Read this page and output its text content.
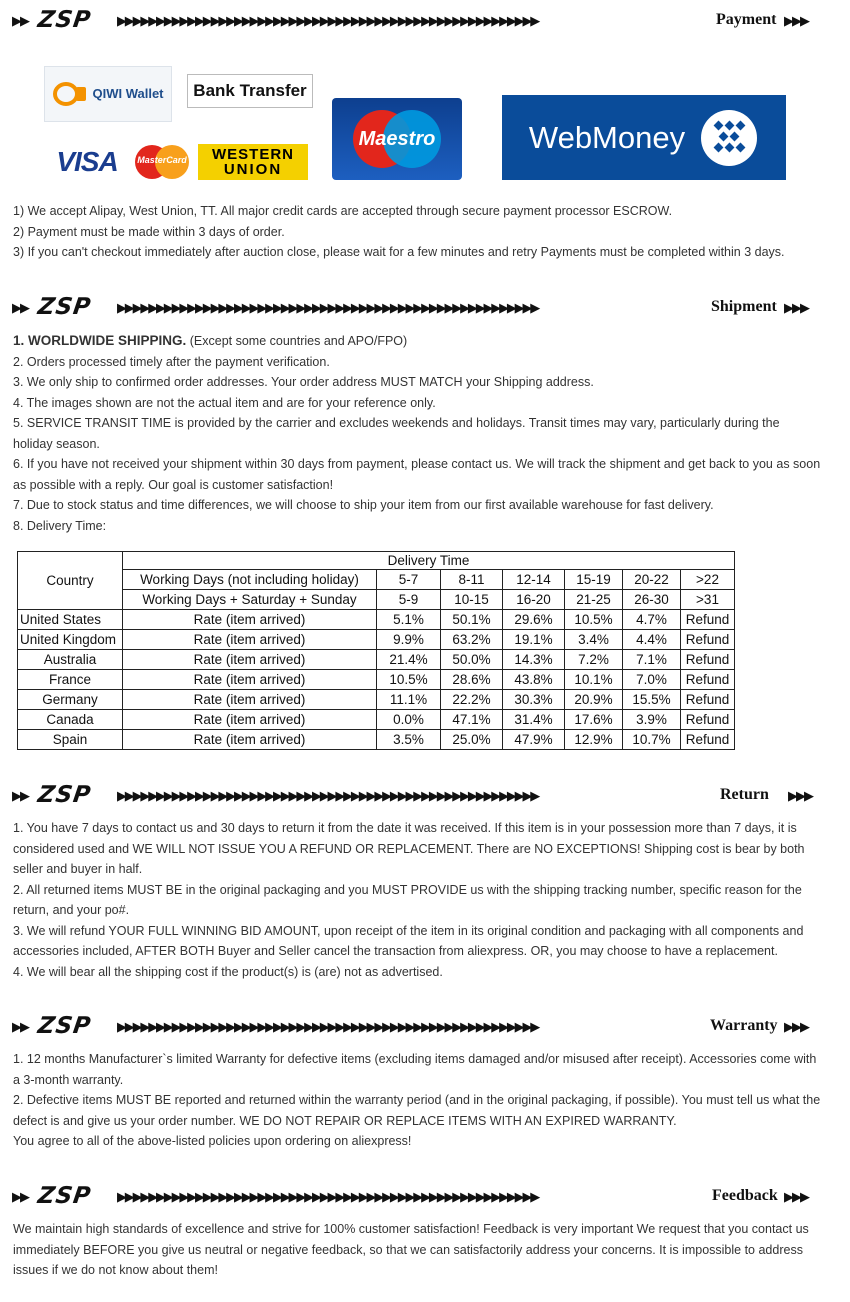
▶▶ ZSP ▶▶▶▶▶▶▶▶▶▶▶▶▶▶▶▶▶▶▶▶▶▶▶▶▶▶▶▶▶▶▶▶▶▶▶▶▶▶▶▶▶▶▶▶▶▶▶▶▶▶▶▶▶▶	Payment ▶▶▶
QIWI Wallet Bank Transfer
VISA	MasterCard	WESTERN
UNION
Maestro	WebMoney

1) We accept Alipay, West Union, TT. All major credit cards are accepted through secure payment processor ESCROW.

2) Payment must be made within 3 days of order.

3) If you can't checkout immediately after auction close, please wait for a few minutes and retry Payments must be completed within 3 days.

▶▶ ZSP ▶▶▶▶▶▶▶▶▶▶▶▶▶▶▶▶▶▶▶▶▶▶▶▶▶▶▶▶▶▶▶▶▶▶▶▶▶▶▶▶▶▶▶▶▶▶▶▶▶▶▶▶▶▶	Shipment ▶▶▶

1. WORLDWIDE SHIPPING. (Except some countries and APO/FPO)

2. Orders processed timely after the payment verification.

3. We only ship to confirmed order addresses. Your order address MUST MATCH your Shipping address.

4. The images shown are not the actual item and are for your reference only.

5. SERVICE TRANSIT TIME is provided by the carrier and excludes weekends and holidays. Transit times may vary, particularly during the holiday season.

6. If you have not received your shipment within 30 days from payment, please contact us. We will track the shipment and get back to you as soon as possible with a reply. Our goal is customer satisfaction!

7. Due to stock status and time differences, we will choose to ship your item from our first available warehouse for fast delivery.

8. Delivery Time:

Country	Delivery Time						
	Working Days (not including holiday)	5-7	8-11	12-14	15-19	20-22	>22
	Working Days + Saturday + Sunday	5-9	10-15	16-20	21-25	26-30	>31
United States	Rate (item arrived)	5.1%	50.1%	29.6%	10.5%	4.7%	Refund
United Kingdom	Rate (item arrived)	9.9%	63.2%	19.1%	3.4%	4.4%	Refund
Australia	Rate (item arrived)	21.4%	50.0%	14.3%	7.2%	7.1%	Refund
France	Rate (item arrived)	10.5%	28.6%	43.8%	10.1%	7.0%	Refund
Germany	Rate (item arrived)	11.1%	22.2%	30.3%	20.9%	15.5%	Refund
Canada	Rate (item arrived)	0.0%	47.1%	31.4%	17.6%	3.9%	Refund
Spain	Rate (item arrived)	3.5%	25.0%	47.9%	12.9%	10.7%	Refund
▶▶ ZSP ▶▶▶▶▶▶▶▶▶▶▶▶▶▶▶▶▶▶▶▶▶▶▶▶▶▶▶▶▶▶▶▶▶▶▶▶▶▶▶▶▶▶▶▶▶▶▶▶▶▶▶▶▶▶	Return ▶▶▶

1. You have 7 days to contact us and 30 days to return it from the date it was received. If this item is in your possession more than 7 days, it is considered used and WE WILL NOT ISSUE YOU A REFUND OR REPLACEMENT. There are NO EXCEPTIONS! Shipping cost is bear by both seller and buyer in half.

2. All returned items MUST BE in the original packaging and you MUST PROVIDE us with the shipping tracking number, specific reason for the return, and your po#.

3. We will refund YOUR FULL WINNING BID AMOUNT, upon receipt of the item in its original condition and packaging with all components and accessories included, AFTER BOTH Buyer and Seller cancel the transaction from aliexpress. OR, you may choose to have a replacement.

4. We will bear all the shipping cost if the product(s) is (are) not as advertised.

▶▶ ZSP ▶▶▶▶▶▶▶▶▶▶▶▶▶▶▶▶▶▶▶▶▶▶▶▶▶▶▶▶▶▶▶▶▶▶▶▶▶▶▶▶▶▶▶▶▶▶▶▶▶▶▶▶▶▶	Warranty ▶▶▶

1. 12 months Manufacturer`s limited Warranty for defective items (excluding items damaged and/or misused after receipt). Accessories come with a 3-month warranty.

2. Defective items MUST BE reported and returned within the warranty period (and in the original packaging, if possible). You must tell us what the defect is and give us your order number. WE DO NOT REPAIR OR REPLACE ITEMS WITH AN EXPIRED WARRANTY.

You agree to all of the above-listed policies upon ordering on aliexpress!

▶▶ ZSP ▶▶▶▶▶▶▶▶▶▶▶▶▶▶▶▶▶▶▶▶▶▶▶▶▶▶▶▶▶▶▶▶▶▶▶▶▶▶▶▶▶▶▶▶▶▶▶▶▶▶▶▶▶▶	Feedback ▶▶▶

We maintain high standards of excellence and strive for 100% customer satisfaction! Feedback is very important We request that you contact us immediately BEFORE you give us neutral or negative feedback, so that we can satisfactorily address your concerns. It is impossible to address issues if we do not know about them!
